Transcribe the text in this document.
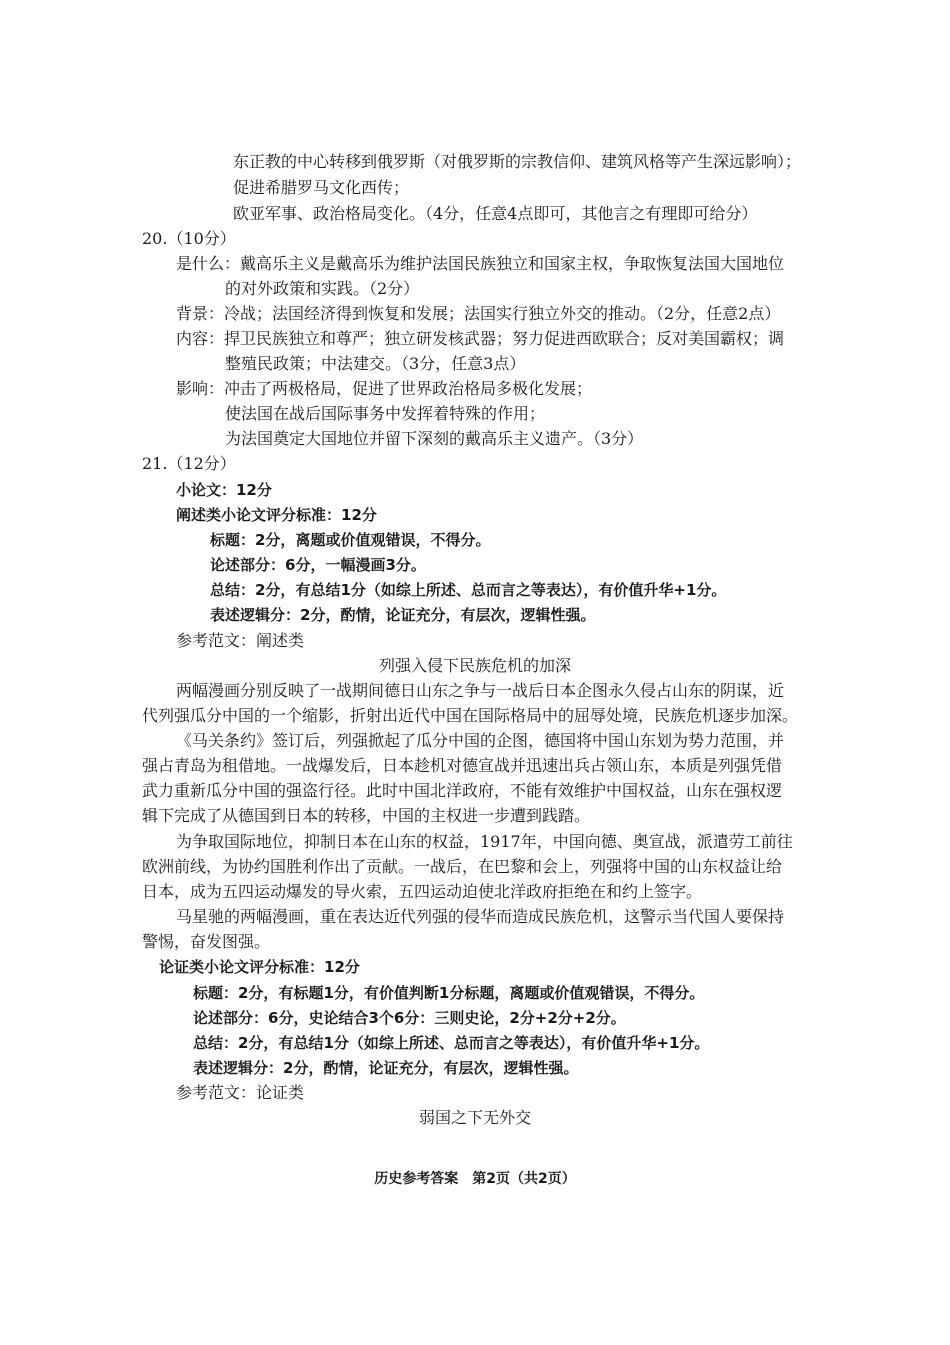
东正教的中心转移到俄罗斯（对俄罗斯的宗教信仰、建筑风格等产生深远影响）；
促进希腊罗马文化西传；
欧亚军事、政治格局变化。（4分，任意4点即可，其他言之有理即可给分）
20.（10分）
是什么：戴高乐主义是戴高乐为维护法国民族独立和国家主权，争取恢复法国大国地位
的对外政策和实践。（2分）
背景：冷战；法国经济得到恢复和发展；法国实行独立外交的推动。（2分，任意2点）
内容：捍卫民族独立和尊严；独立研发核武器；努力促进西欧联合；反对美国霸权；调
整殖民政策；中法建交。（3分，任意3点）
影响：冲击了两极格局，促进了世界政治格局多极化发展；
使法国在战后国际事务中发挥着特殊的作用；
为法国奠定大国地位并留下深刻的戴高乐主义遗产。（3分）
21.（12分）
小论文：12分
阐述类小论文评分标准：12分
标题：2分，离题或价值观错误，不得分。
论述部分：6分，一幅漫画3分。
总结：2分，有总结1分（如综上所述、总而言之等表达），有价值升华+1分。
表述逻辑分：2分，酌情，论证充分，有层次，逻辑性强。
参考范文：阐述类
列强入侵下民族危机的加深
两幅漫画分别反映了一战期间德日山东之争与一战后日本企图永久侵占山东的阴谋，近
代列强瓜分中国的一个缩影，折射出近代中国在国际格局中的屈辱处境，民族危机逐步加深。
《马关条约》签订后，列强掀起了瓜分中国的企图，德国将中国山东划为势力范围，并
强占青岛为租借地。一战爆发后，日本趁机对德宣战并迅速出兵占领山东，本质是列强凭借
武力重新瓜分中国的强盗行径。此时中国北洋政府，不能有效维护中国权益，山东在强权逻
辑下完成了从德国到日本的转移，中国的主权进一步遭到践踏。
为争取国际地位，抑制日本在山东的权益，1917年，中国向德、奥宣战，派遣劳工前往
欧洲前线，为协约国胜利作出了贡献。一战后，在巴黎和会上，列强将中国的山东权益让给
日本，成为五四运动爆发的导火索，五四运动迫使北洋政府拒绝在和约上签字。
马星驰的两幅漫画，重在表达近代列强的侵华而造成民族危机，这警示当代国人要保持
警惕，奋发图强。
论证类小论文评分标准：12分
标题：2分，有标题1分，有价值判断1分标题，离题或价值观错误，不得分。
论述部分：6分，史论结合3个6分：三则史论，2分+2分+2分。
总结：2分，有总结1分（如综上所述、总而言之等表达），有价值升华+1分。
表述逻辑分：2分，酌情，论证充分，有层次，逻辑性强。
参考范文：论证类
弱国之下无外交
历史参考答案　第2页（共2页）
